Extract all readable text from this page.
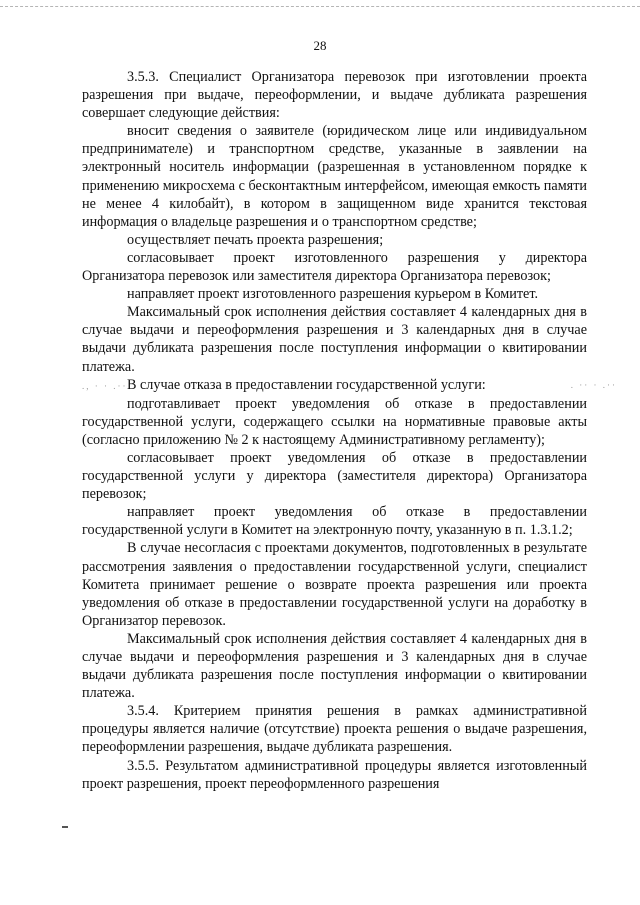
28

3.5.3. Специалист Организатора перевозок при изготовлении проекта разрешения при выдаче, переоформлении, и выдаче дубликата разрешения совершает следующие действия:

вносит сведения о заявителе (юридическом лице или индивидуальном предпринимателе) и транспортном средстве, указанные в заявлении на электронный носитель информации (разрешенная в установленном порядке к применению микросхема с бесконтактным интерфейсом, имеющая емкость памяти не менее 4 килобайт), в котором в защищенном виде хранится текстовая информация о владельце разрешения и о транспортном средстве;

осуществляет печать проекта разрешения;

согласовывает проект изготовленного разрешения у директора Организатора перевозок или заместителя директора Организатора перевозок;

направляет проект изготовленного разрешения курьером в Комитет.

Максимальный срок исполнения действия составляет 4 календарных дня в случае выдачи и переоформления разрешения и 3 календарных дня в случае выдачи дубликата разрешения после поступления информации о квитировании платежа.

., · · .··В случае отказа в предоставлении государственной услуги:	. ·· · .··

подготавливает проект уведомления об отказе в предоставлении государственной услуги, содержащего ссылки на нормативные правовые акты (согласно приложению № 2 к настоящему Административному регламенту);

согласовывает проект уведомления об отказе в предоставлении государственной услуги у директора (заместителя директора) Организатора перевозок;

направляет проект уведомления об отказе в предоставлении государственной услуги в Комитет на электронную почту, указанную в п. 1.3.1.2;

В случае несогласия с проектами документов, подготовленных в результате рассмотрения заявления о предоставлении государственной услуги, специалист Комитета принимает решение о возврате проекта разрешения или проекта уведомления об отказе в предоставлении государственной услуги на доработку в Организатор перевозок.

Максимальный срок исполнения действия составляет 4 календарных дня в случае выдачи и переоформления разрешения и 3 календарных дня в случае выдачи дубликата разрешения после поступления информации о квитировании платежа.

3.5.4. Критерием принятия решения в рамках административной процедуры является наличие (отсутствие) проекта решения о выдаче разрешения, переоформлении разрешения, выдаче дубликата разрешения.

3.5.5. Результатом административной процедуры является изготовленный проект разрешения, проект переоформленного разрешения
